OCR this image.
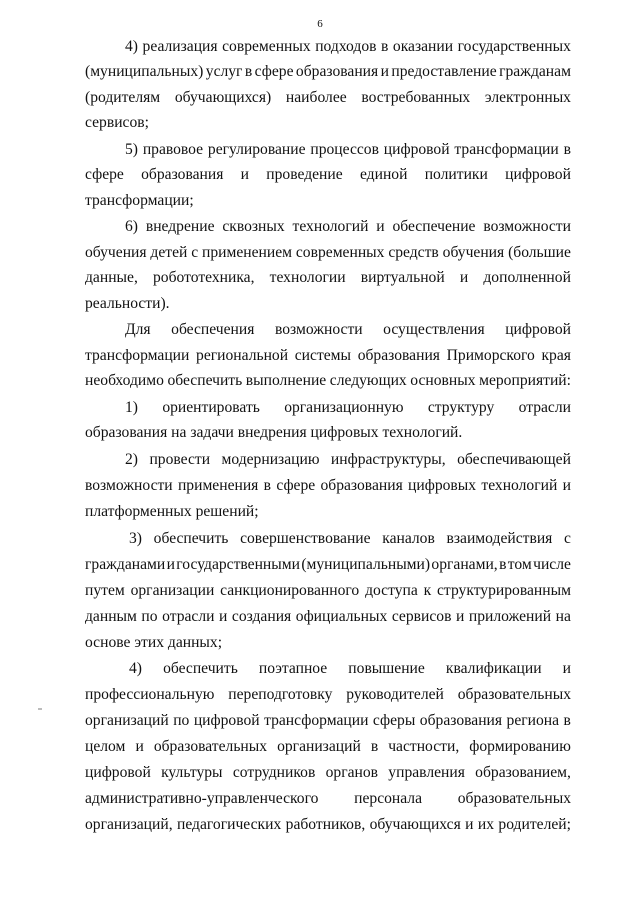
6
4) реализация современных подходов в оказании государственных
(муниципальных) услуг в сфере образования и предоставление гражданам
(родителям обучающихся) наиболее востребованных электронных
сервисов;
5) правовое регулирование процессов цифровой трансформации в
сфере образования и проведение единой политики цифровой
трансформации;
6) внедрение сквозных технологий и обеспечение возможности
обучения детей с применением современных средств обучения (большие
данные, робототехника, технологии виртуальной и дополненной
реальности).
Для обеспечения возможности осуществления цифровой
трансформации региональной системы образования Приморского края
необходимо обеспечить выполнение следующих основных мероприятий:
1) ориентировать организационную структуру отрасли
образования на задачи внедрения цифровых технологий.
2) провести модернизацию инфраструктуры, обеспечивающей
возможности применения в сфере образования цифровых технологий и
платформенных решений;
3) обеспечить совершенствование каналов взаимодействия с
гражданами и государственными (муниципальными) органами, в том числе
путем организации санкционированного доступа к структурированным
данным по отрасли и создания официальных сервисов и приложений на
основе этих данных;
4) обеспечить поэтапное повышение квалификации и
профессиональную переподготовку руководителей образовательных
организаций по цифровой трансформации сферы образования региона в
целом и образовательных организаций в частности, формированию
цифровой культуры сотрудников органов управления образованием,
административно-управленческого персонала образовательных
организаций, педагогических работников, обучающихся и их родителей;
